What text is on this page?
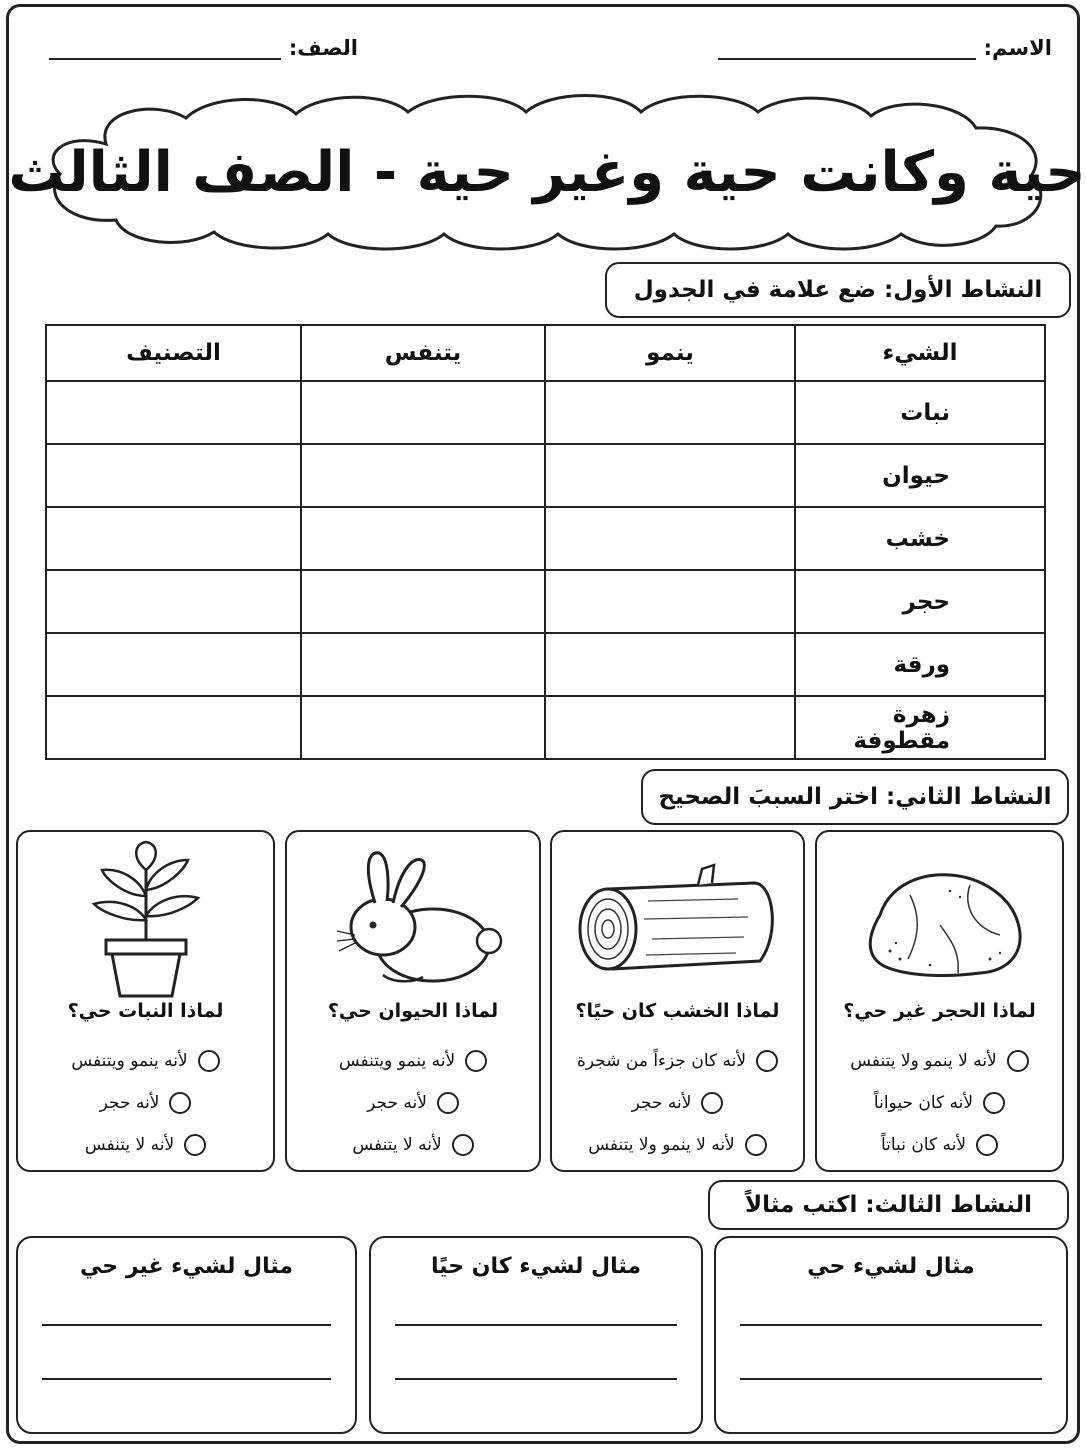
الاسم:
الصف:
حية وكانت حية وغير حية - الصف الثالث
النشاط الأول: ضع علامة في الجدول
الشيء	ينمو	يتنفس	التصنيف
نبات			
حيوان			
خشب			
حجر			
ورقة			
زهرة مقطوفة			
النشاط الثاني: اختر السببَ الصحيح
لماذا الحجر غير حي؟
لأنه لا ينمو ولا يتنفس
لأنه كان حيواناً
لأنه كان نباتاً
لماذا الخشب كان حيًا؟
لأنه كان جزءاً من شجرة
لأنه حجر
لأنه لا ينمو ولا يتنفس
لماذا الحيوان حي؟
لأنه ينمو ويتنفس
لأنه حجر
لأنه لا يتنفس
لماذا النبات حي؟
لأنه ينمو ويتنفس
لأنه حجر
لأنه لا يتنفس
النشاط الثالث: اكتب مثالاً
مثال لشيء حي
مثال لشيء كان حيًا
مثال لشيء غير حي
